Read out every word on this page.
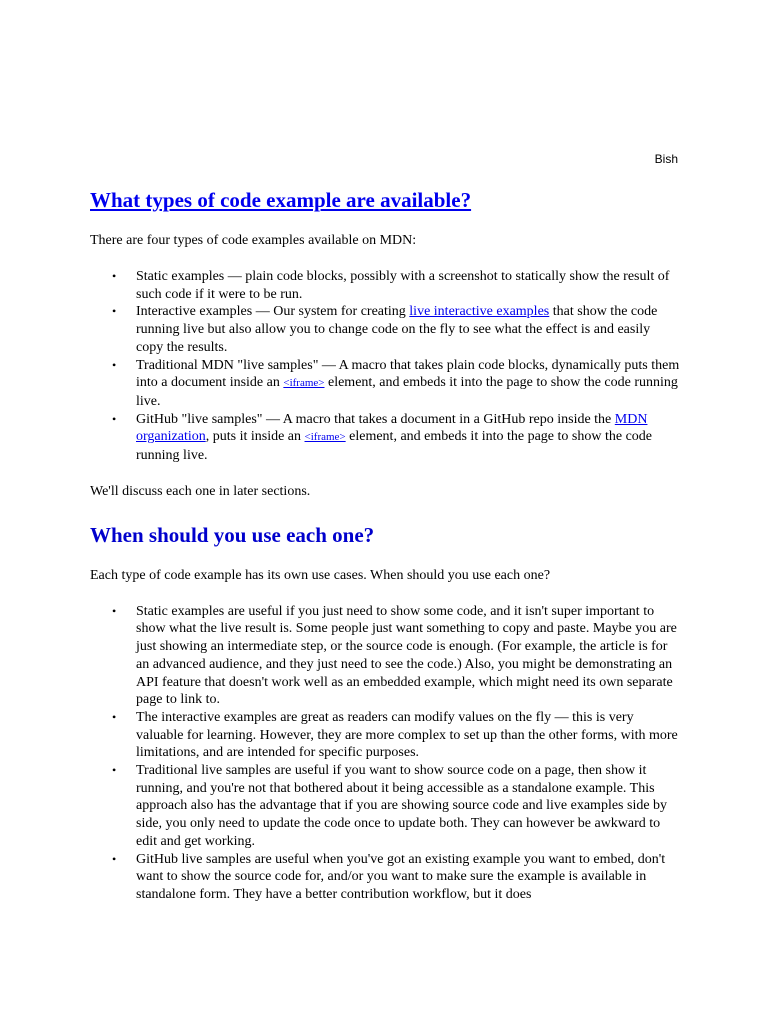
Bish
What types of code example are available?

There are four types of code examples available on MDN:

• Static examples — plain code blocks, possibly with a screenshot to statically show the result of such code if it were to be run.
• Interactive examples — Our system for creating live interactive examples that show the code running live but also allow you to change code on the fly to see what the effect is and easily copy the results.
• Traditional MDN "live samples" — A macro that takes plain code blocks, dynamically puts them into a document inside an <iframe> element, and embeds it into the page to show the code running live.
• GitHub "live samples" — A macro that takes a document in a GitHub repo inside the MDN organization, puts it inside an <iframe> element, and embeds it into the page to show the code running live.

We'll discuss each one in later sections.

When should you use each one?

Each type of code example has its own use cases. When should you use each one?

• Static examples are useful if you just need to show some code, and it isn't super important to show what the live result is. Some people just want something to copy and paste. Maybe you are just showing an intermediate step, or the source code is enough. (For example, the article is for an advanced audience, and they just need to see the code.) Also, you might be demonstrating an API feature that doesn't work well as an embedded example, which might need its own separate page to link to.
• The interactive examples are great as readers can modify values on the fly — this is very valuable for learning. However, they are more complex to set up than the other forms, with more limitations, and are intended for specific purposes.
• Traditional live samples are useful if you want to show source code on a page, then show it running, and you're not that bothered about it being accessible as a standalone example. This approach also has the advantage that if you are showing source code and live examples side by side, you only need to update the code once to update both. They can however be awkward to edit and get working.
• GitHub live samples are useful when you've got an existing example you want to embed, don't want to show the source code for, and/or you want to make sure the example is available in standalone form. They have a better contribution workflow, but it does
